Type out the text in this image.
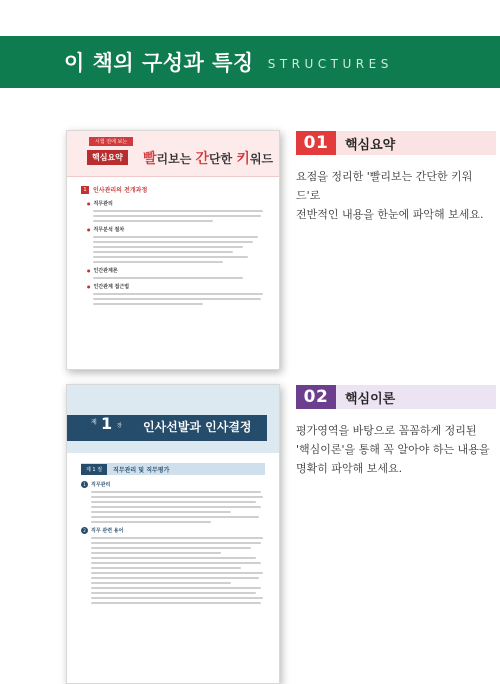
이 책의 구성과 특징 STRUCTURES
시험 전에 보는
핵심요약	빨리보는 간단한 키워드
1	인사관리의 전개과정
● 직무관리
● 직무분석 절차
● 인간관계론
● 인간관계 접근법
제 1 장 인사선발과 인사결정
제 1 절	직무관리 및 직무평가
1	직무관리
2	직무 관련 용어
01	핵심요약
요점을 정리한 '빨리보는 간단한 키워드'로
전반적인 내용을 한눈에 파악해 보세요.
02	핵심이론
평가영역을 바탕으로 꼼꼼하게 정리된
'핵심이론'을 통해 꼭 알아야 하는 내용을
명확히 파악해 보세요.
